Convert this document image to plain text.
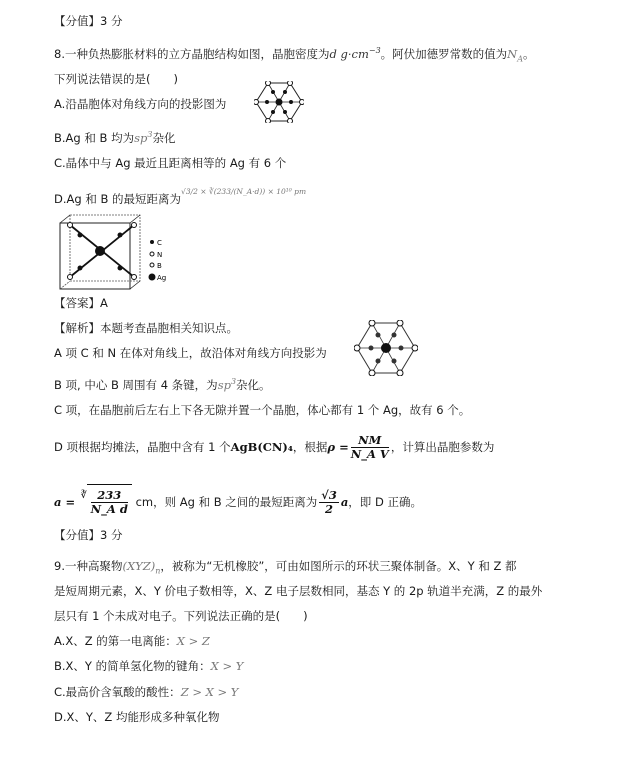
【分值】3 分
8.一种负热膨胀材料的立方晶胞结构如图，晶胞密度为d $g\cdot cm^{-3}$。阿伏加德罗常数的值为$N_A$。
下列说法错误的是(　　)
A.沿晶胞体对角线方向的投影图为
B.Ag 和 B 均为$sp^3$杂化
C.晶体中与 Ag 最近且距离相等的 Ag 有 6 个
D.Ag 和 B 的最短距离为$^{√3/2 \times ∛(233/(N\_A\cdot d)) \times 10^{10} pm}$
C
N
B
Ag
【答案】A
【解析】本题考查晶胞相关知识点。
A 项 C 和 N 在体对角线上，故沿体对角线方向投影为
B 项, 中心 B 周围有 4 条键，为$sp^3$杂化。
C 项，在晶胞前后左右上下各无隙并置一个晶胞，体心都有 1 个 Ag，故有 6 个。
D 项根据均摊法，晶胞中含有 1 个AgB(CN)₄，根据$\rho = \frac{NM}{\text{N\_A V}}$ ，计算出晶胞参数为
$a = ^∛ \frac{233}{\text{N\_A d}}$ cm，则 Ag 和 B 之间的最短距离为 $\frac{√3}{2}$ a，即 D 正确。
【分值】3 分
9.一种高聚物$(XYZ)_n$，被称为“无机橡胶”，可由如图所示的环状三聚体制备。X、Y 和 Z 都
是短周期元素，X、Y 价电子数相等，X、Z 电子层数相同，基态 Y 的 2p 轨道半充满，Z 的最外
层只有 1 个未成对电子。下列说法正确的是(　　)
A.X、Z 的第一电离能：X > Z
B.X、Y 的简单氢化物的键角：X > Y
C.最高价含氧酸的酸性：Z > X > Y
D.X、Y、Z 均能形成多种氧化物
